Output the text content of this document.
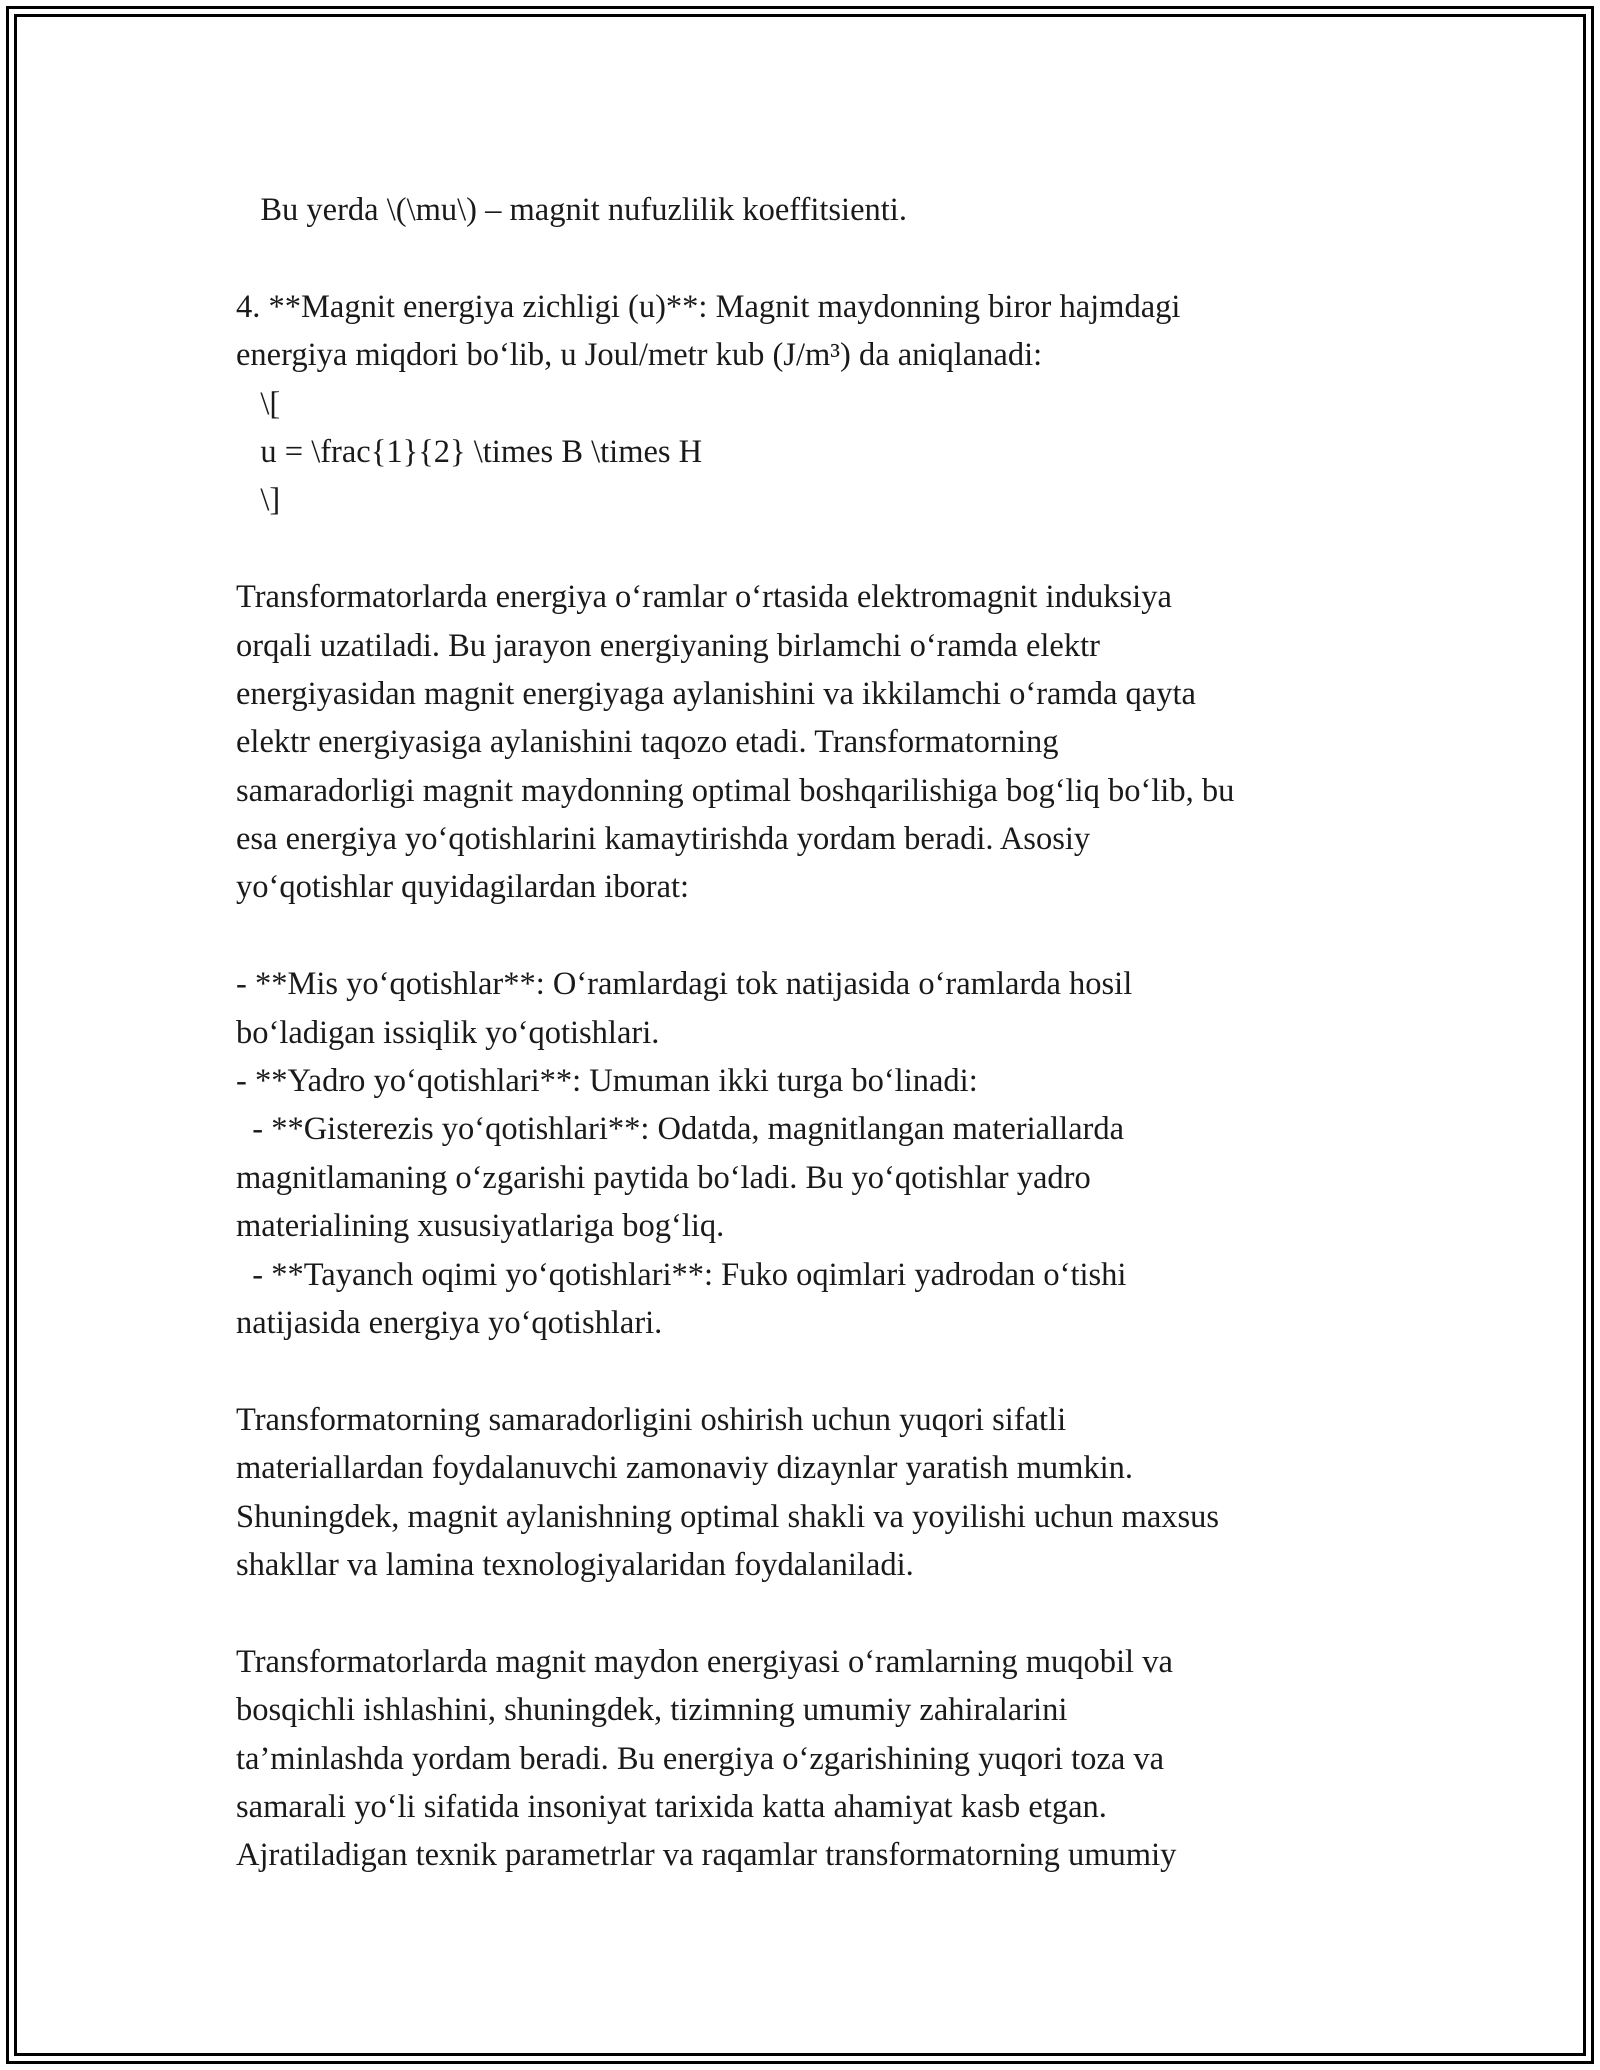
Bu yerda \(\mu\) – magnit nufuzlilik koeffitsienti.
4. **Magnit energiya zichligi (u)**: Magnit maydonning biror hajmdagi
energiya miqdori bo‘lib, u Joul/metr kub (J/m³) da aniqlanadi:
\[
u = \frac{1}{2} \times B \times H
\]
Transformatorlarda energiya o‘ramlar o‘rtasida elektromagnit induksiya
orqali uzatiladi. Bu jarayon energiyaning birlamchi o‘ramda elektr
energiyasidan magnit energiyaga aylanishini va ikkilamchi o‘ramda qayta
elektr energiyasiga aylanishini taqozo etadi. Transformatorning
samaradorligi magnit maydonning optimal boshqarilishiga bog‘liq bo‘lib, bu
esa energiya yo‘qotishlarini kamaytirishda yordam beradi. Asosiy
yo‘qotishlar quyidagilardan iborat:
- **Mis yo‘qotishlar**: O‘ramlardagi tok natijasida o‘ramlarda hosil
bo‘ladigan issiqlik yo‘qotishlari.
- **Yadro yo‘qotishlari**: Umuman ikki turga bo‘linadi:
- **Gisterezis yo‘qotishlari**: Odatda, magnitlangan materiallarda
magnitlamaning o‘zgarishi paytida bo‘ladi. Bu yo‘qotishlar yadro
materialining xususiyatlariga bog‘liq.
- **Tayanch oqimi yo‘qotishlari**: Fuko oqimlari yadrodan o‘tishi
natijasida energiya yo‘qotishlari.
Transformatorning samaradorligini oshirish uchun yuqori sifatli
materiallardan foydalanuvchi zamonaviy dizaynlar yaratish mumkin.
Shuningdek, magnit aylanishning optimal shakli va yoyilishi uchun maxsus
shakllar va lamina texnologiyalaridan foydalaniladi.
Transformatorlarda magnit maydon energiyasi o‘ramlarning muqobil va
bosqichli ishlashini, shuningdek, tizimning umumiy zahiralarini
ta’minlashda yordam beradi. Bu energiya o‘zgarishining yuqori toza va
samarali yo‘li sifatida insoniyat tarixida katta ahamiyat kasb etgan.
Ajratiladigan texnik parametrlar va raqamlar transformatorning umumiy
